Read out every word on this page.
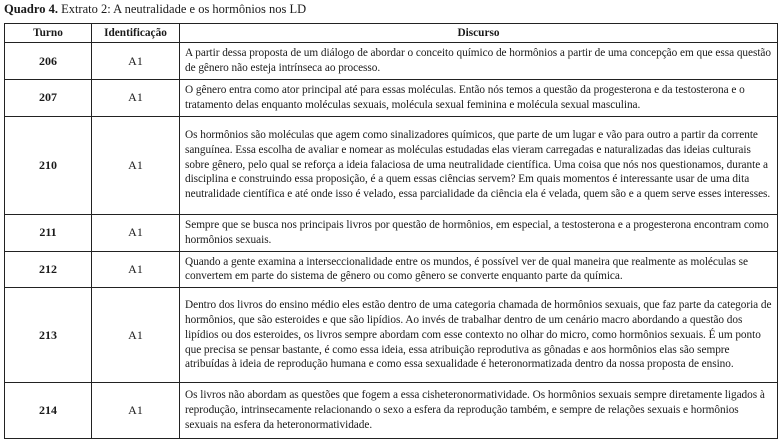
Quadro 4. Extrato 2: A neutralidade e os hormônios nos LD
Turno	Identificação	Discurso
206	A1	A partir dessa proposta de um diálogo de abordar o conceito químico de hormônios a partir de uma concepção em que essa questão de gênero não esteja intrínseca ao processo.
207	A1	O gênero entra como ator principal até para essas moléculas. Então nós temos a questão da progesterona e da testosterona e o tratamento delas enquanto moléculas sexuais, molécula sexual feminina e molécula sexual masculina.
210	A1	Os hormônios são moléculas que agem como sinalizadores químicos, que parte de um lugar e vão para outro a partir da corrente sanguínea. Essa escolha de avaliar e nomear as moléculas estudadas elas vieram carregadas e naturalizadas das ideias culturais sobre gênero, pelo qual se reforça a ideia falaciosa de uma neutralidade científica. Uma coisa que nós nos questionamos, durante a disciplina e construindo essa proposição, é a quem essas ciências servem? Em quais momentos é interessante usar de uma dita neutralidade científica e até onde isso é velado, essa parcialidade da ciência ela é velada, quem são e a quem serve esses interesses.
211	A1	Sempre que se busca nos principais livros por questão de hormônios, em especial, a testosterona e a progesterona encontram como hormônios sexuais.
212	A1	Quando a gente examina a interseccionalidade entre os mundos, é possível ver de qual maneira que realmente as moléculas se convertem em parte do sistema de gênero ou como gênero se converte enquanto parte da química.
213	A1	Dentro dos livros do ensino médio eles estão dentro de uma categoria chamada de hormônios sexuais, que faz parte da categoria de hormônios, que são esteroides e que são lipídios. Ao invés de trabalhar dentro de um cenário macro abordando a questão dos lipídios ou dos esteroides, os livros sempre abordam com esse contexto no olhar do micro, como hormônios sexuais. É um ponto que precisa se pensar bastante, é como essa ideia, essa atribuição reprodutiva as gônadas e aos hormônios elas são sempre atribuídas à ideia de reprodução humana e como essa sexualidade é heteronormatizada dentro da nossa proposta de ensino.
214	A1	Os livros não abordam as questões que fogem a essa cisheteronormatividade. Os hormônios sexuais sempre diretamente ligados à reprodução, intrinsecamente relacionando o sexo a esfera da reprodução também, e sempre de relações sexuais e hormônios sexuais na esfera da heteronormatividade.
